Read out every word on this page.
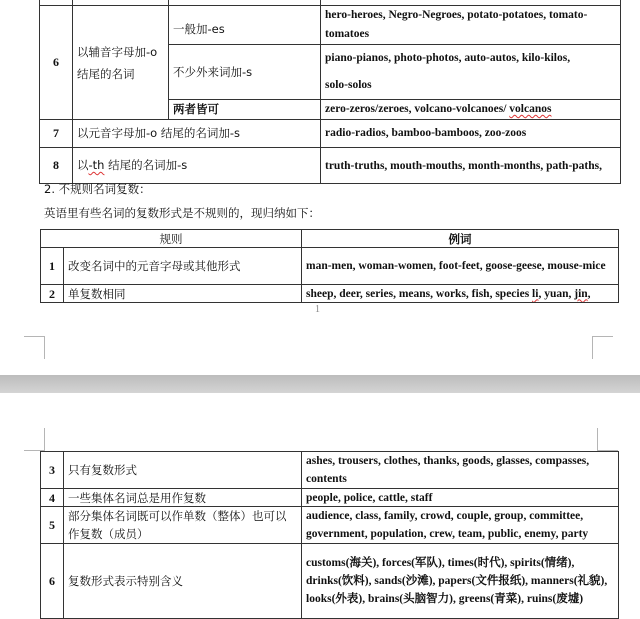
6	以辅音字母加-o 结尾的名词	一般加-es	hero-heroes, Negro-Negroes, potato-potatoes, tomato-tomatoes
		不少外来词加-s	piano-pianos, photo-photos, auto-autos, kilo-kilos,
solo-solos

		两者皆可	zero-zeros/zeroes, volcano-volcanoes/ volcanos
7	以元音字母加-o 结尾的名词加-s		radio-radios, bamboo-bamboos, zoo-zoos
8	以-th 结尾的名词加-s		truth-truths, mouth-mouths, month-months, path-paths,
2. 不规则名词复数：
英语里有些名词的复数形式是不规则的，现归纳如下：
规则		例词
1	改变名词中的元音字母或其他形式	man-men, woman-women, foot-feet, goose-geese, mouse-mice
2	单复数相同	sheep, deer, series, means, works, fish, species li, yuan, jin,
1
3	只有复数形式	ashes, trousers, clothes, thanks, goods, glasses, compasses, contents
4	一些集体名词总是用作复数	people, police, cattle, staff
5	部分集体名词既可以作单数（整体）也可以作复数（成员）	audience, class, family, crowd, couple, group, committee, government, population, crew, team, public, enemy, party
6	复数形式表示特别含义	customs(海关), forces(军队), times(时代), spirits(情绪), drinks(饮料), sands(沙滩), papers(文件报纸), manners(礼貌), looks(外表), brains(头脑智力), greens(青菜), ruins(废墟)
